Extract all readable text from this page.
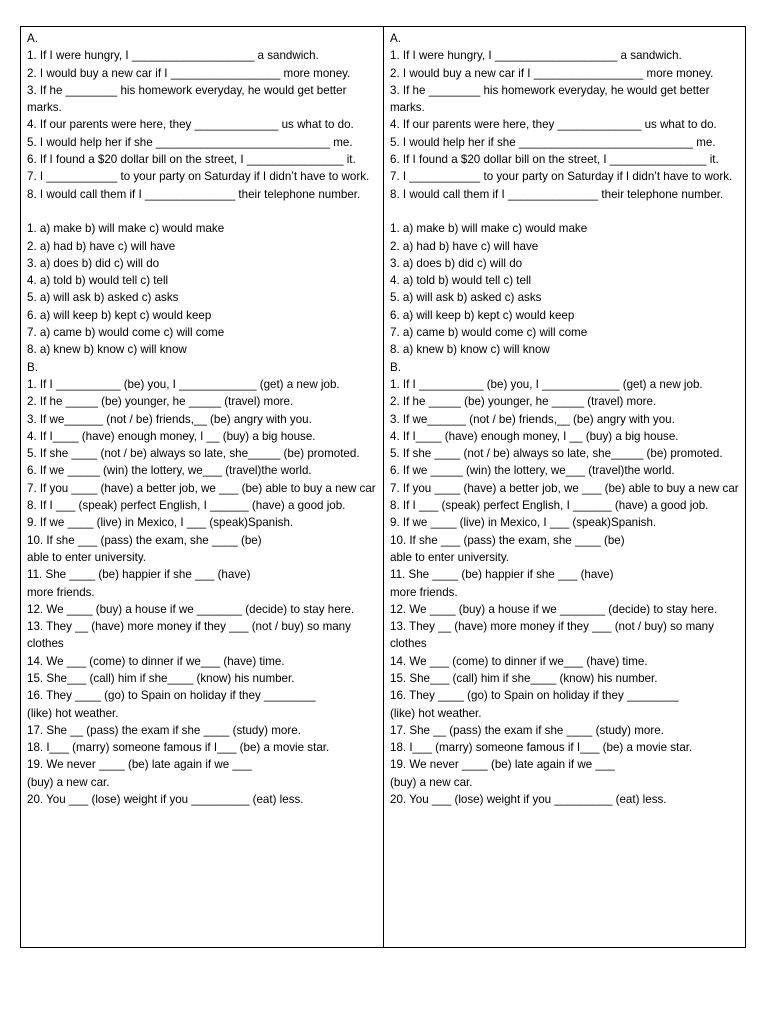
A.
1. If I were hungry, I ___________________ a sandwich.
2. I would buy a new car if I _________________ more money.
3. If he ________ his homework everyday, he would get better marks.
4. If our parents were here, they _____________ us what to do.
5. I would help her if she ___________________________ me.
6. If I found a $20 dollar bill on the street, I _______________ it.
7. I ___________ to your party on Saturday if I didn’t have to work.
8. I would call them if I ______________ their telephone number.
1. a) make b) will make c) would make
2. a) had b) have c) will have
3. a) does b) did c) will do
4. a) told b) would tell c) tell
5. a) will ask b) asked c) asks
6. a) will keep b) kept c) would keep
7. a) came b) would come c) will come
8. a) knew b) know c) will know
B.
1. If I __________ (be) you, I ____________ (get) a new job.
2. If he _____ (be) younger, he _____ (travel) more.
3. If we______ (not / be) friends,__ (be) angry with you.
4. If I____ (have) enough money, I __ (buy) a big house.
5. If she ____ (not / be) always so late, she_____ (be) promoted.
6. If we _____ (win) the lottery, we___ (travel)the world.
7. If you ____ (have) a better job, we ___ (be) able to buy a new car
8. If I ___ (speak) perfect English, I ______ (have) a good job.
9. If we ____ (live) in Mexico, I ___ (speak)Spanish.
10. If she ___ (pass) the exam, she ____ (be)
able to enter university.
11. She ____ (be) happier if she ___ (have)
more friends.
12. We ____ (buy) a house if we _______ (decide) to stay here.
13. They __ (have) more money if they ___ (not / buy) so many clothes
14. We ___ (come) to dinner if we___ (have) time.
15. She___ (call) him if she____ (know) his number.
16. They ____ (go) to Spain on holiday if they ________
(like) hot weather.
17. She __ (pass) the exam if she ____ (study) more.
18. I___ (marry) someone famous if I___ (be) a movie star.
19. We never ____ (be) late again if we ___
(buy) a new car.
20. You ___ (lose) weight if you _________ (eat) less.
A.
1. If I were hungry, I ___________________ a sandwich.
2. I would buy a new car if I _________________ more money.
3. If he ________ his homework everyday, he would get better marks.
4. If our parents were here, they _____________ us what to do.
5. I would help her if she ___________________________ me.
6. If I found a $20 dollar bill on the street, I _______________ it.
7. I ___________ to your party on Saturday if I didn’t have to work.
8. I would call them if I ______________ their telephone number.
1. a) make b) will make c) would make
2. a) had b) have c) will have
3. a) does b) did c) will do
4. a) told b) would tell c) tell
5. a) will ask b) asked c) asks
6. a) will keep b) kept c) would keep
7. a) came b) would come c) will come
8. a) knew b) know c) will know
B.
1. If I __________ (be) you, I ____________ (get) a new job.
2. If he _____ (be) younger, he _____ (travel) more.
3. If we______ (not / be) friends,__ (be) angry with you.
4. If I____ (have) enough money, I __ (buy) a big house.
5. If she ____ (not / be) always so late, she_____ (be) promoted.
6. If we _____ (win) the lottery, we___ (travel)the world.
7. If you ____ (have) a better job, we ___ (be) able to buy a new car
8. If I ___ (speak) perfect English, I ______ (have) a good job.
9. If we ____ (live) in Mexico, I ___ (speak)Spanish.
10. If she ___ (pass) the exam, she ____ (be)
able to enter university.
11. She ____ (be) happier if she ___ (have)
more friends.
12. We ____ (buy) a house if we _______ (decide) to stay here.
13. They __ (have) more money if they ___ (not / buy) so many clothes
14. We ___ (come) to dinner if we___ (have) time.
15. She___ (call) him if she____ (know) his number.
16. They ____ (go) to Spain on holiday if they ________
(like) hot weather.
17. She __ (pass) the exam if she ____ (study) more.
18. I___ (marry) someone famous if I___ (be) a movie star.
19. We never ____ (be) late again if we ___
(buy) a new car.
20. You ___ (lose) weight if you _________ (eat) less.
